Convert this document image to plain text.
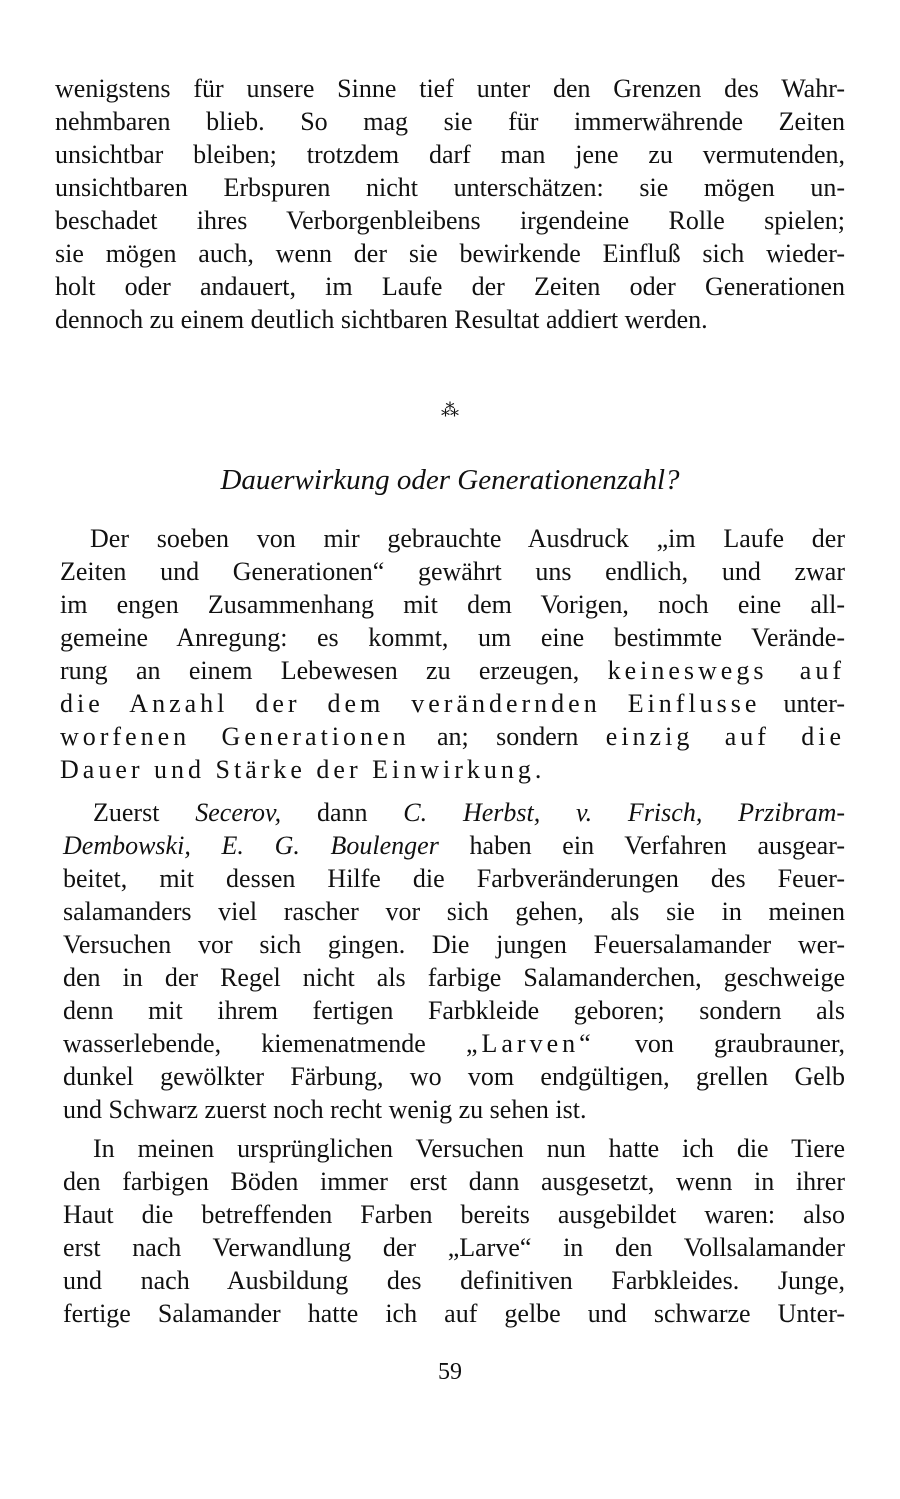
wenigstens für unsere Sinne tief unter den Grenzen des Wahr-
nehmbaren blieb. So mag sie für immerwährende Zeiten
unsichtbar bleiben; trotzdem darf man jene zu vermutenden,
unsichtbaren Erbspuren nicht unterschätzen: sie mögen un-
beschadet ihres Verborgenbleibens irgendeine Rolle spielen;
sie mögen auch, wenn der sie bewirkende Einfluß sich wieder-
holt oder andauert, im Laufe der Zeiten oder Generationen
dennoch zu einem deutlich sichtbaren Resultat addiert werden.
⁂
Dauerwirkung oder Generationenzahl?
Der soeben von mir gebrauchte Ausdruck „im Laufe der
Zeiten und Generationen“ gewährt uns endlich, und zwar
im engen Zusammenhang mit dem Vorigen, noch eine all-
gemeine Anregung: es kommt, um eine bestimmte Verände-
rung an einem Lebewesen zu erzeugen, keineswegs auf
die Anzahl der dem verändernden Einflusse unter-
worfenen Generationen an; sondern einzig auf die
Dauer und Stärke der Einwirkung.
Zuerst Secerov, dann C. Herbst, v. Frisch, Przibram-
Dembowski, E. G. Boulenger haben ein Verfahren ausgear-
beitet, mit dessen Hilfe die Farbveränderungen des Feuer-
salamanders viel rascher vor sich gehen, als sie in meinen
Versuchen vor sich gingen. Die jungen Feuersalamander wer-
den in der Regel nicht als farbige Salamanderchen, geschweige
denn mit ihrem fertigen Farbkleide geboren; sondern als
wasserlebende, kiemenatmende „Larven“ von graubrauner,
dunkel gewölkter Färbung, wo vom endgültigen, grellen Gelb
und Schwarz zuerst noch recht wenig zu sehen ist.
In meinen ursprünglichen Versuchen nun hatte ich die Tiere
den farbigen Böden immer erst dann ausgesetzt, wenn in ihrer
Haut die betreffenden Farben bereits ausgebildet waren: also
erst nach Verwandlung der „Larve“ in den Vollsalamander
und nach Ausbildung des definitiven Farbkleides. Junge,
fertige Salamander hatte ich auf gelbe und schwarze Unter-
59
